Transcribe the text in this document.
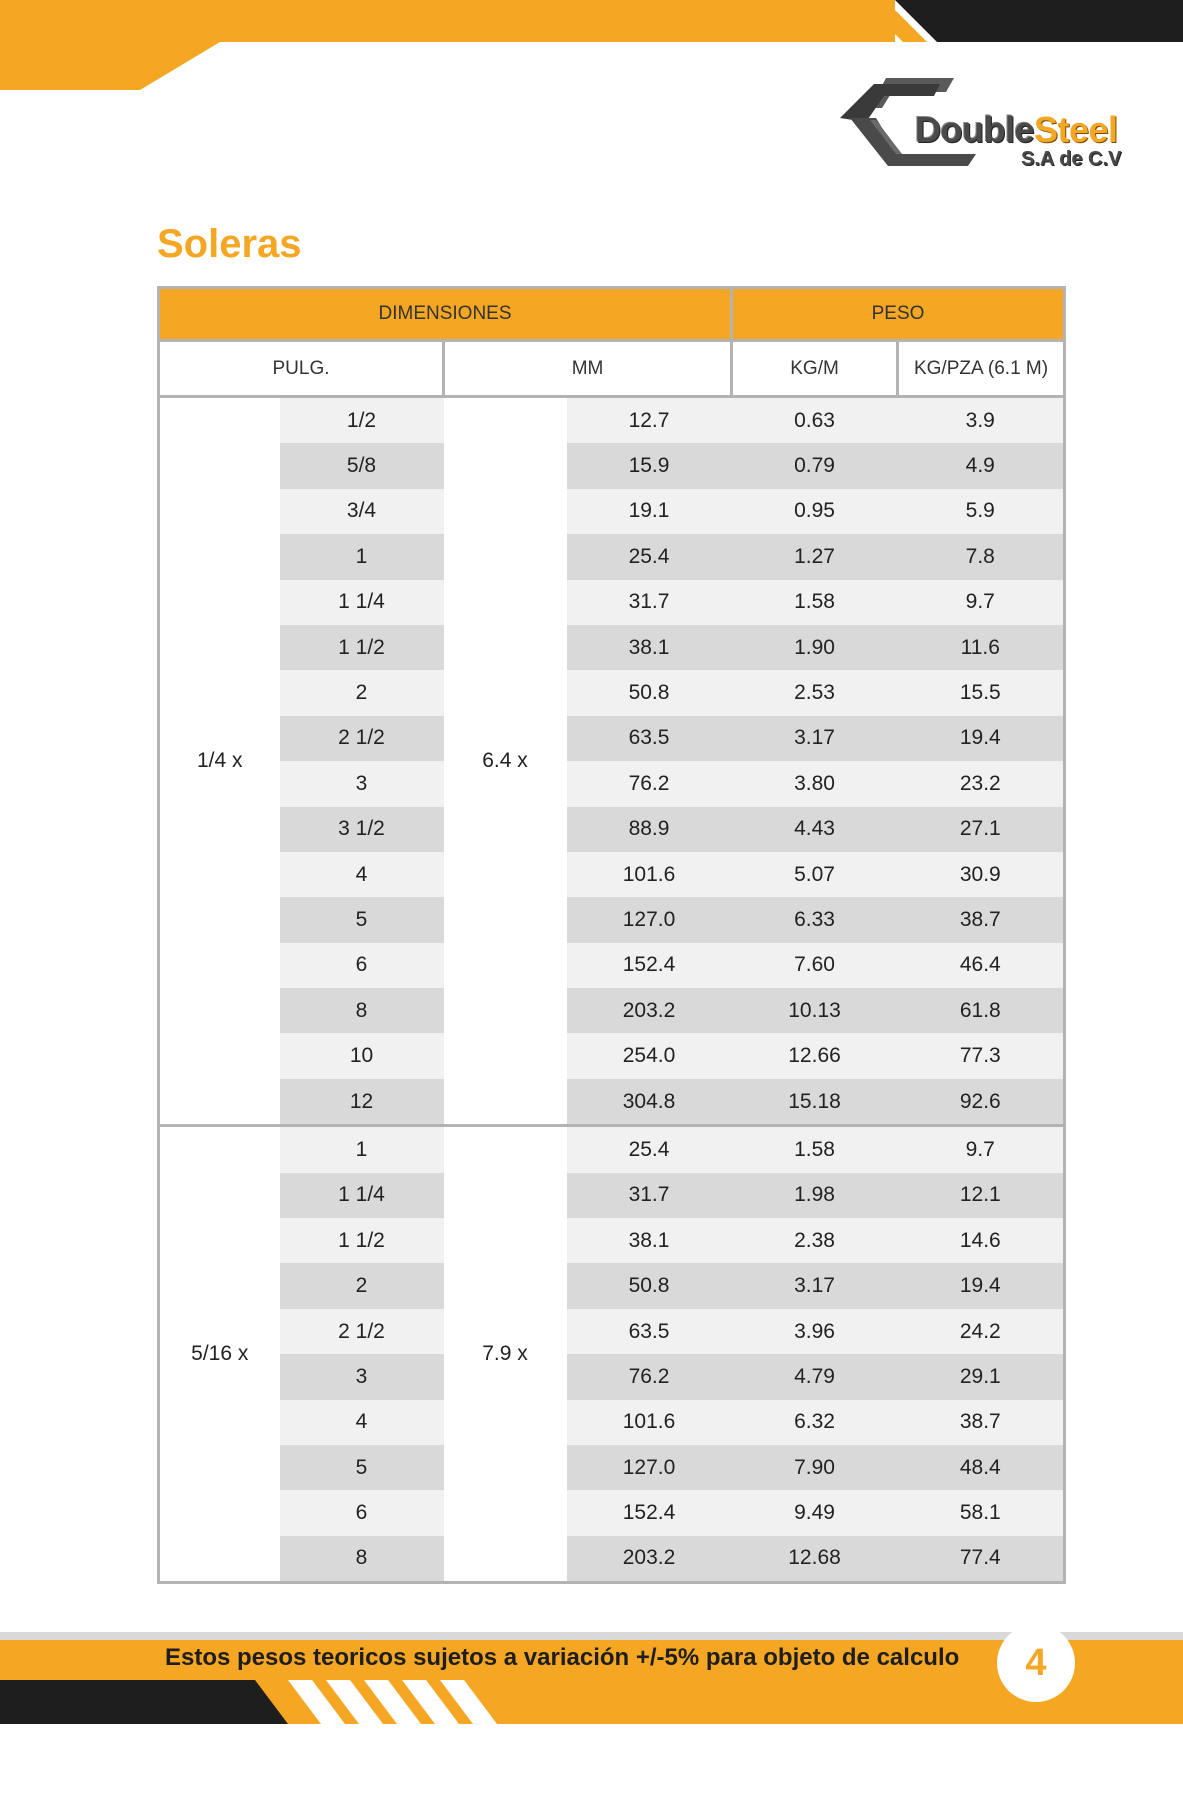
DoubleSteel
S.A de C.V
Soleras
DIMENSIONES				PESO	
PULG.		MM		KG/M	KG/PZA (6.1 M)
1/4 x	1/2	6.4 x	12.7	0.63	3.9
	5/8		15.9	0.79	4.9
	3/4		19.1	0.95	5.9
	1		25.4	1.27	7.8
	1 1/4		31.7	1.58	9.7
	1 1/2		38.1	1.90	11.6
	2		50.8	2.53	15.5
	2 1/2		63.5	3.17	19.4
	3		76.2	3.80	23.2
	3 1/2		88.9	4.43	27.1
	4		101.6	5.07	30.9
	5		127.0	6.33	38.7
	6		152.4	7.60	46.4
	8		203.2	10.13	61.8
	10		254.0	12.66	77.3
	12		304.8	15.18	92.6
5/16 x	1	7.9 x	25.4	1.58	9.7
	1 1/4		31.7	1.98	12.1
	1 1/2		38.1	2.38	14.6
	2		50.8	3.17	19.4
	2 1/2		63.5	3.96	24.2
	3		76.2	4.79	29.1
	4		101.6	6.32	38.7
	5		127.0	7.90	48.4
	6		152.4	9.49	58.1
	8		203.2	12.68	77.4
Estos pesos teoricos sujetos a variación +/-5% para objeto de calculo 4
